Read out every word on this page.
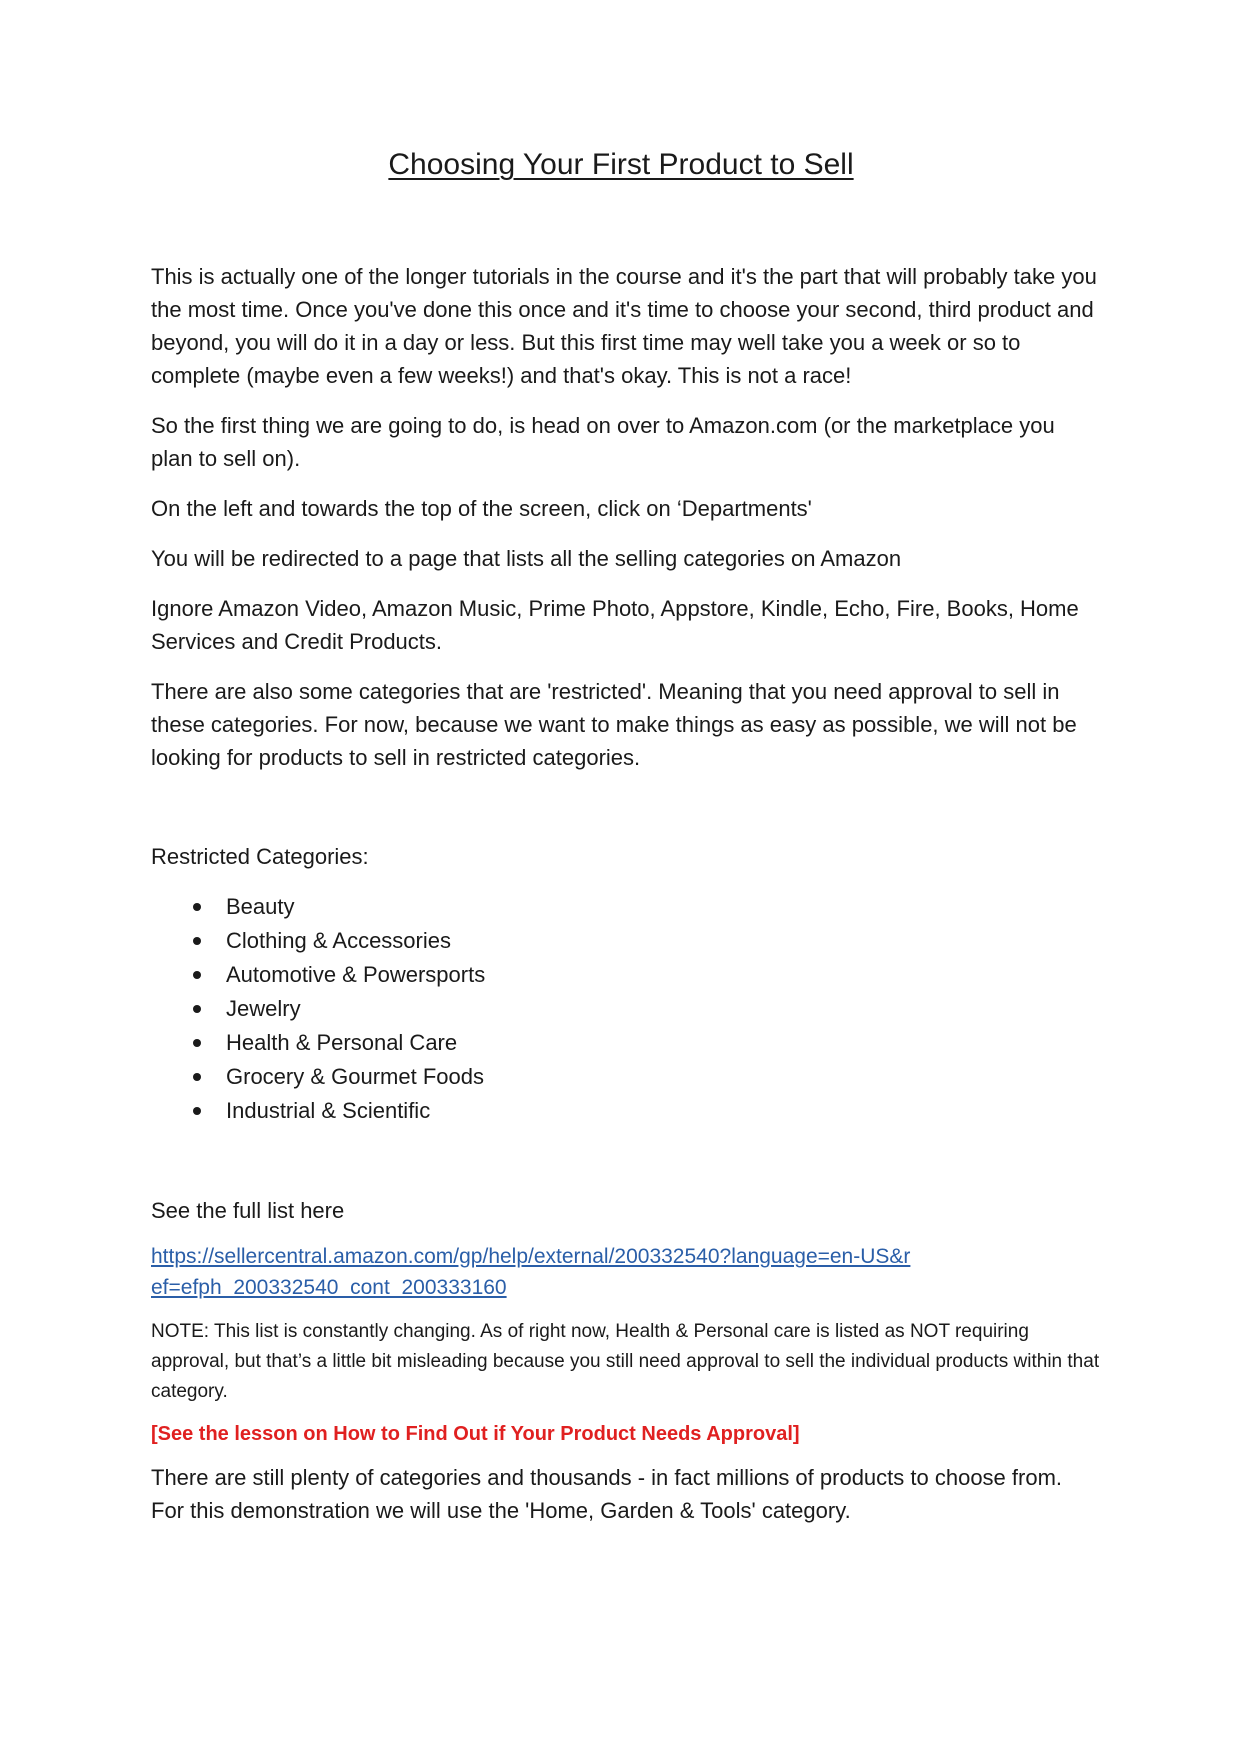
Choosing Your First Product to Sell

This is actually one of the longer tutorials in the course and it's the part that will probably take you the most time. Once you've done this once and it's time to choose your second, third product and beyond, you will do it in a day or less. But this first time may well take you a week or so to complete (maybe even a few weeks!) and that's okay. This is not a race!

So the first thing we are going to do, is head on over to Amazon.com (or the marketplace you plan to sell on).

On the left and towards the top of the screen, click on ‘Departments'

You will be redirected to a page that lists all the selling categories on Amazon

Ignore Amazon Video, Amazon Music, Prime Photo, Appstore, Kindle, Echo, Fire, Books, Home Services and Credit Products.

There are also some categories that are 'restricted'. Meaning that you need approval to sell in these categories. For now, because we want to make things as easy as possible, we will not be looking for products to sell in restricted categories.

Restricted Categories:

Beauty
Clothing & Accessories
Automotive & Powersports
Jewelry
Health & Personal Care
Grocery & Gourmet Foods
Industrial & Scientific

See the full list here

https://sellercentral.amazon.com/gp/help/external/200332540?language=en-US&ref=efph_200332540_cont_200333160

NOTE: This list is constantly changing. As of right now, Health & Personal care is listed as NOT requiring approval, but that’s a little bit misleading because you still need approval to sell the individual products within that category.

[See the lesson on How to Find Out if Your Product Needs Approval]

There are still plenty of categories and thousands - in fact millions of products to choose from. For this demonstration we will use the 'Home, Garden & Tools' category.
